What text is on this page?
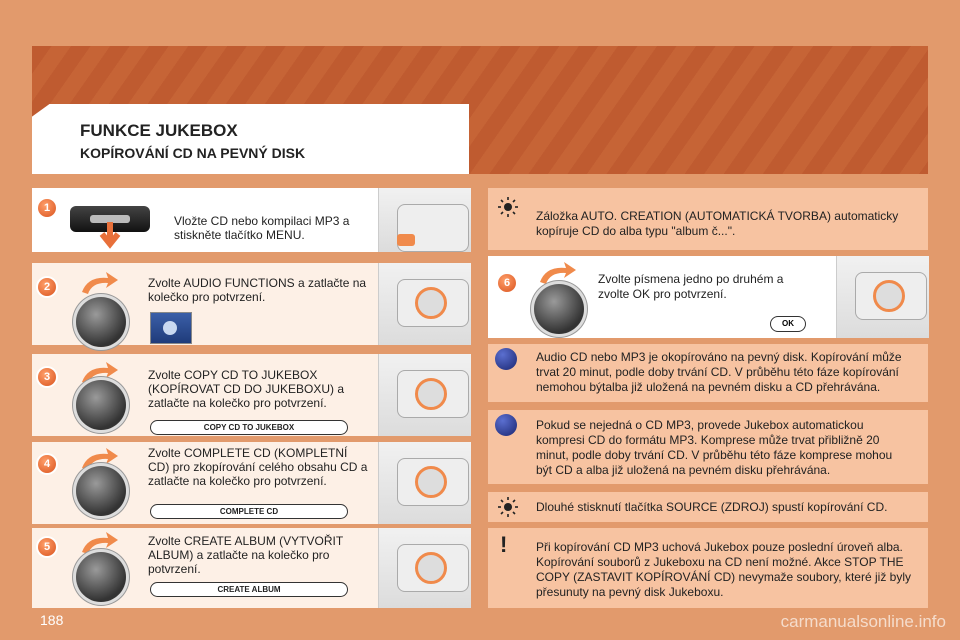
FUNKCE JUKEBOX
KOPÍROVÁNÍ CD NA PEVNÝ DISK
1
Vložte CD nebo kompilaci MP3 a stiskněte tlačítko MENU.
2	Zvolte AUDIO FUNCTIONS a zatlačte na kolečko pro potvrzení.
3	Zvolte COPY CD TO JUKEBOX (KOPÍROVAT CD DO JUKEBOXU) a zatlačte na kolečko pro potvrzení.
COPY CD TO JUKEBOX
4
Zvolte COMPLETE CD (KOMPLETNÍ CD) pro zkopírování celého obsahu CD a zatlačte na kolečko pro potvrzení.
COMPLETE CD
5	Zvolte CREATE ALBUM (VYTVOŘIT ALBUM) a zatlačte na kolečko pro potvrzení.
CREATE ALBUM
Záložka AUTO. CREATION (AUTOMATICKÁ TVORBA) automaticky kopíruje CD do alba typu "album č...".
6	Zvolte písmena jedno po druhém a zvolte OK pro potvrzení.
OK
Audio CD nebo MP3 je okopírováno na pevný disk. Kopírování může trvat 20 minut, podle doby trvání CD. V průběhu této fáze kopírování nemohou býtalba již uložená na pevném disku a CD přehrávána.
Pokud se nejedná o CD MP3, provede Jukebox automatickou kompresi CD do formátu MP3. Komprese může trvat přibližně 20 minut, podle doby trvání CD. V průběhu této fáze komprese mohou být CD a alba již uložená na pevném disku přehrávána.
Dlouhé stisknutí tlačítka SOURCE (ZDROJ) spustí kopírování CD.
! Při kopírování CD MP3 uchová Jukebox pouze poslední úroveň alba. Kopírování souborů z Jukeboxu na CD není možné. Akce STOP THE COPY (ZASTAVIT KOPÍROVÁNÍ CD) nevymaže soubory, které již byly přesunuty na pevný disk Jukeboxu.
188	carmanualsonline.info
